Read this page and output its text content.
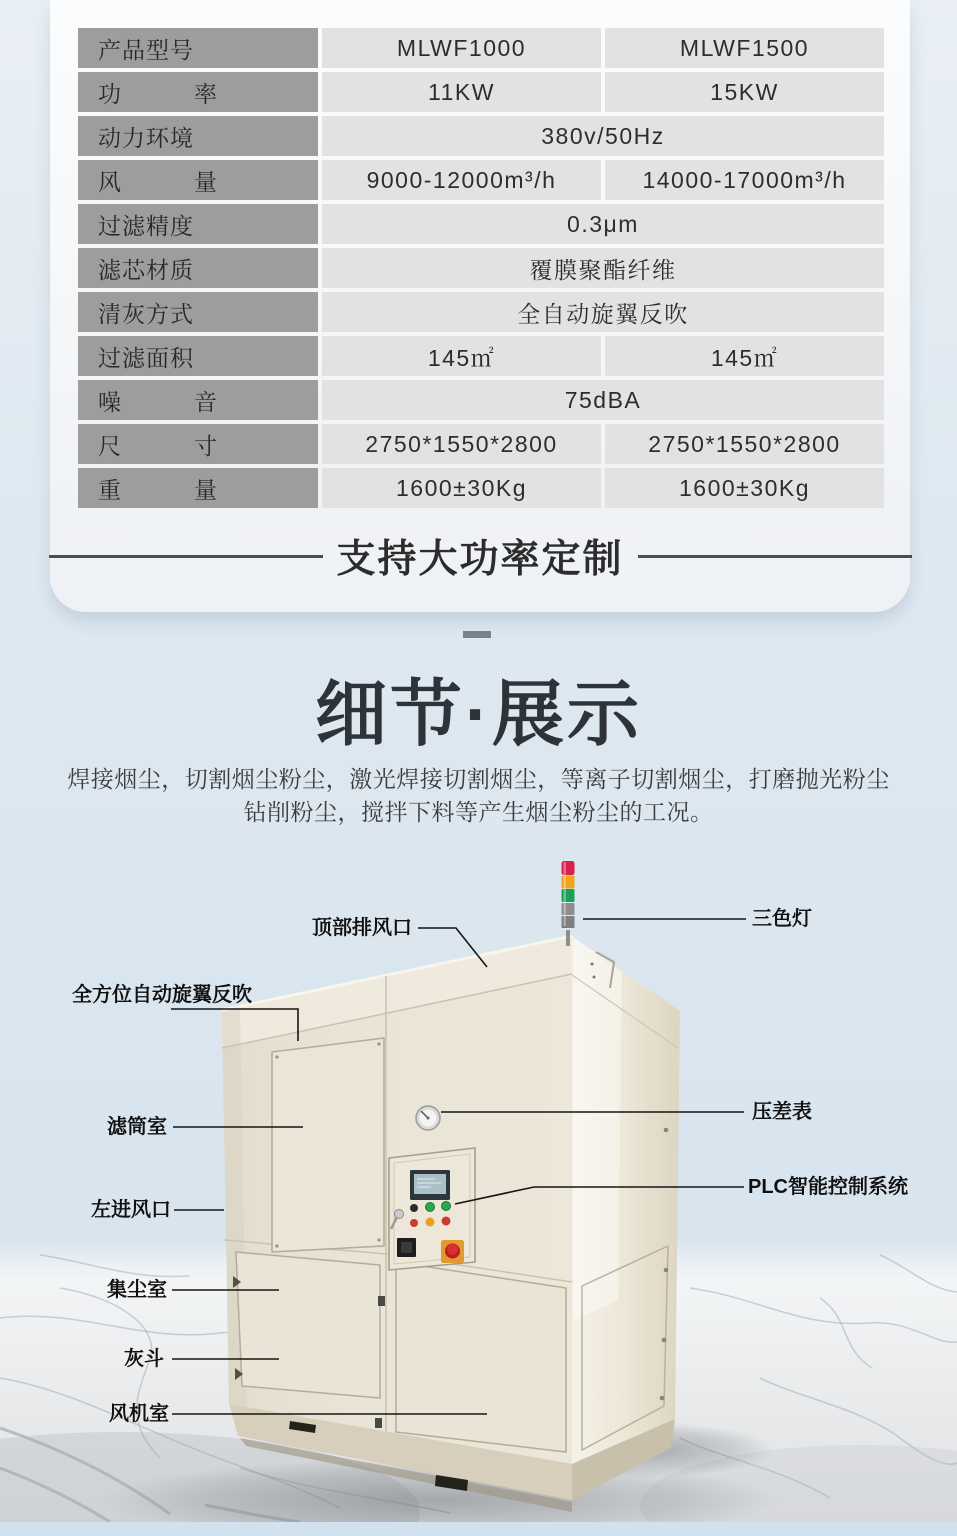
产品型号	MLWF1000	MLWF1500
功　　　率	11KW	15KW
动力环境	380v/50Hz
风　　　量	9000-12000m³/h	14000-17000m³/h
过滤精度	0.3μm
滤芯材质	覆膜聚酯纤维
清灰方式	全自动旋翼反吹
过滤面积	145㎡	145㎡
噪　　　音	75dBA
尺　　　寸	2750*1550*2800	2750*1550*2800
重　　　量	1600±30Kg	1600±30Kg
支持大功率定制
细节·展示

焊接烟尘，切割烟尘粉尘，激光焊接切割烟尘，等离子切割烟尘，打磨抛光粉尘
钻削粉尘，搅拌下料等产生烟尘粉尘的工况。

顶部排风口	三色灯
全方位自动旋翼反吹
滤筒室
左进风口
集尘室
灰斗
风机室
压差表
PLC智能控制系统
